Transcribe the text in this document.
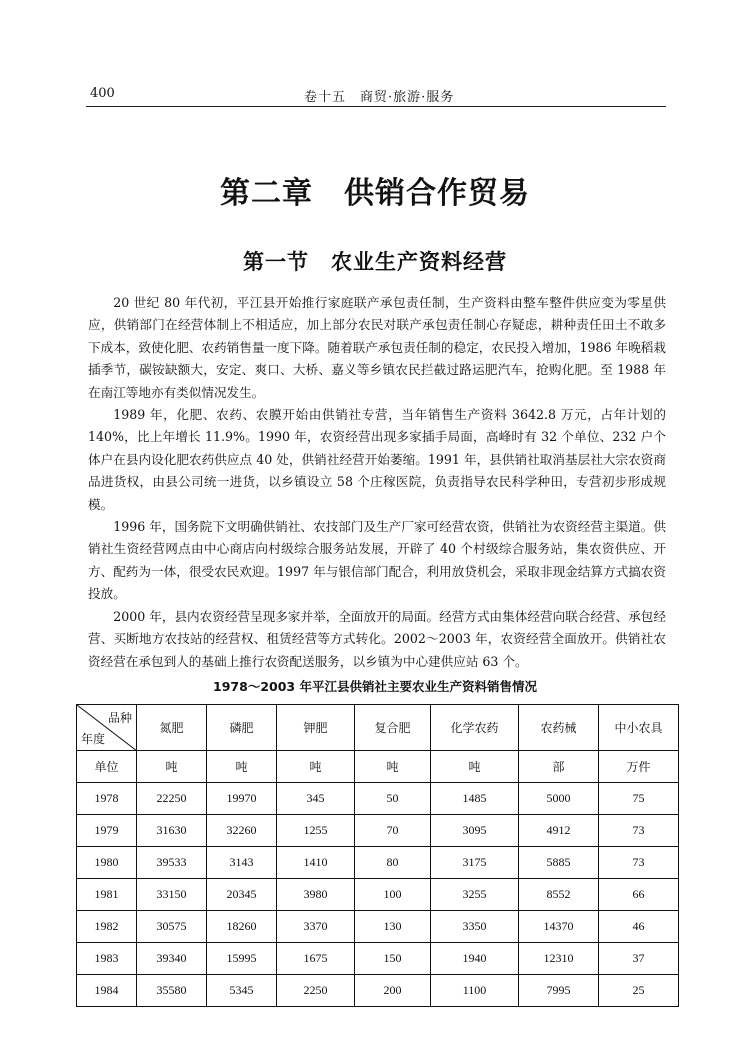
400	卷十五　商贸·旅游·服务
第二章　供销合作贸易
第一节　农业生产资料经营

20 世纪 80 年代初，平江县开始推行家庭联产承包责任制，生产资料由整车整件供应变为零星供应，供销部门在经营体制上不相适应，加上部分农民对联产承包责任制心存疑虑，耕种责任田土不敢多下成本，致使化肥、农药销售量一度下降。随着联产承包责任制的稳定，农民投入增加，1986 年晚稻栽插季节，碳铵缺额大，安定、爽口、大桥、嘉义等乡镇农民拦截过路运肥汽车，抢购化肥。至 1988 年在南江等地亦有类似情况发生。

1989 年，化肥、农药、农膜开始由供销社专营，当年销售生产资料 3642.8 万元，占年计划的 140%，比上年增长 11.9%。1990 年，农资经营出现多家插手局面，高峰时有 32 个单位、232 户个体户在县内设化肥农药供应点 40 处，供销社经营开始萎缩。1991 年，县供销社取消基层社大宗农资商品进货权，由县公司统一进货，以乡镇设立 58 个庄稼医院，负责指导农民科学种田，专营初步形成规模。

1996 年，国务院下文明确供销社、农技部门及生产厂家可经营农资，供销社为农资经营主渠道。供销社生资经营网点由中心商店向村级综合服务站发展，开辟了 40 个村级综合服务站，集农资供应、开方、配药为一体，很受农民欢迎。1997 年与银信部门配合，利用放贷机会，采取非现金结算方式搞农资投放。

2000 年，县内农资经营呈现多家并举，全面放开的局面。经营方式由集体经营向联合经营、承包经营、买断地方农技站的经营权、租赁经营等方式转化。2002～2003 年，农资经营全面放开。供销社农资经营在承包到人的基础上推行农资配送服务，以乡镇为中心建供应站 63 个。

1978～2003 年平江县供销社主要农业生产资料销售情况
品种
年度	氮肥	磷肥	钾肥	复合肥	化学农药	农药械	中小农具
单位	吨	吨	吨	吨	吨	部	万件
1978	22250	19970	345	50	1485	5000	75
1979	31630	32260	1255	70	3095	4912	73
1980	39533	3143	1410	80	3175	5885	73
1981	33150	20345	3980	100	3255	8552	66
1982	30575	18260	3370	130	3350	14370	46
1983	39340	15995	1675	150	1940	12310	37
1984	35580	5345	2250	200	1100	7995	25
